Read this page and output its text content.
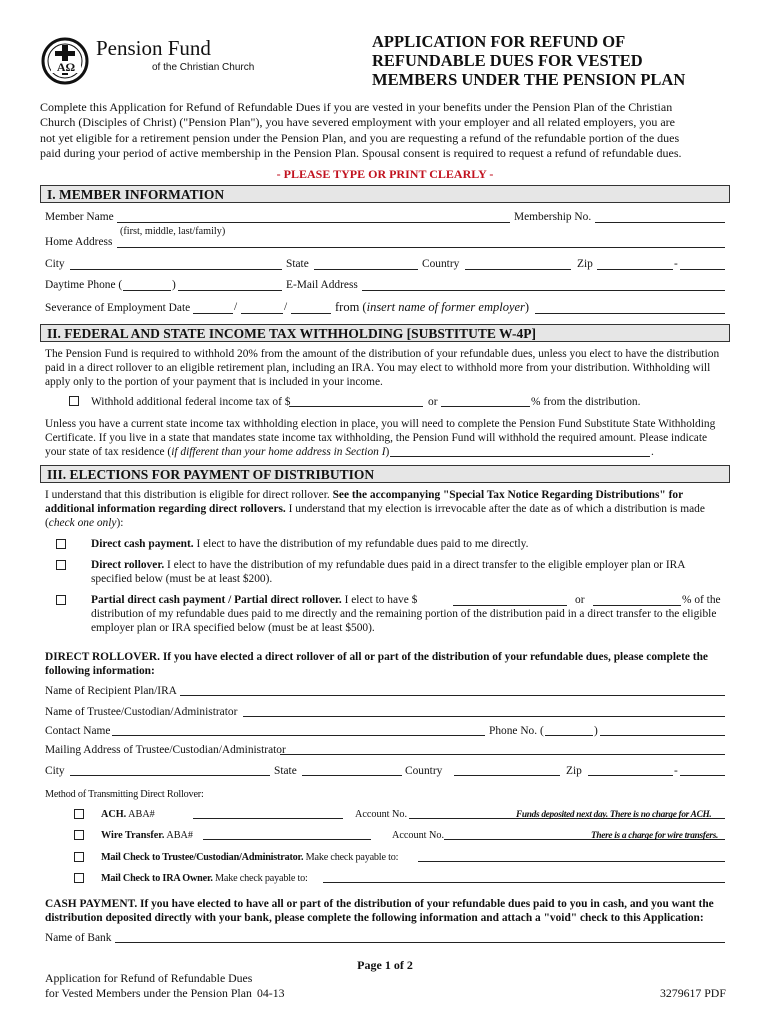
AΩ
Pension Fund
of the Christian Church
APPLICATION FOR REFUND OF
REFUNDABLE DUES FOR VESTED
MEMBERS UNDER THE PENSION PLAN
Complete this Application for Refund of Refundable Dues if you are vested in your benefits under the Pension Plan of the Christian
Church (Disciples of Christ) ("Pension Plan"), you have severed employment with your employer and all related employers, you are
not yet eligible for a retirement pension under the Pension Plan, and you are requesting a refund of the refundable portion of the dues
paid during your period of active membership in the Pension Plan. Spousal consent is required to request a refund of refundable dues.
- PLEASE TYPE OR PRINT CLEARLY -
I. MEMBER INFORMATION
Member Name	Membership No.
(first, middle, last/family)
Home Address
City	State	Country	Zip	-
Daytime Phone (	)	E-Mail Address
Severance of Employment Date	/	/	from (insert name of former employer)
II. FEDERAL AND STATE INCOME TAX WITHHOLDING [SUBSTITUTE W-4P]
The Pension Fund is required to withhold 20% from the amount of the distribution of your refundable dues, unless you elect to have the distribution
paid in a direct rollover to an eligible retirement plan, including an IRA. You may elect to withhold more from your distribution. Withholding will
apply only to the portion of your payment that is included in your income.
Withhold additional federal income tax of $	or	% from the distribution.
Unless you have a current state income tax withholding election in place, you will need to complete the Pension Fund Substitute State Withholding
Certificate. If you live in a state that mandates state income tax withholding, the Pension Fund will withhold the required amount. Please indicate
your state of tax residence (if different than your home address in Section I)	.
III. ELECTIONS FOR PAYMENT OF DISTRIBUTION
I understand that this distribution is eligible for direct rollover. See the accompanying "Special Tax Notice Regarding Distributions" for
additional information regarding direct rollovers. I understand that my election is irrevocable after the date as of which a distribution is made
(check one only):
Direct cash payment. I elect to have the distribution of my refundable dues paid to me directly.
Direct rollover. I elect to have the distribution of my refundable dues paid in a direct transfer to the eligible employer plan or IRA
specified below (must be at least $200).
Partial direct cash payment / Partial direct rollover. I elect to have $
distribution of my refundable dues paid to me directly and the remaining portion of the distribution paid in a direct transfer to the eligible
employer plan or IRA specified below (must be at least $500).
or	% of the
DIRECT ROLLOVER. If you have elected a direct rollover of all or part of the distribution of your refundable dues, please complete the
following information:
Name of Recipient Plan/IRA
Name of Trustee/Custodian/Administrator
Contact Name	Phone No. (	)
Mailing Address of Trustee/Custodian/Administrator
City	State	Country	Zip	-
Method of Transmitting Direct Rollover:
ACH. ABA#	Account No.	Funds deposited next day. There is no charge for ACH.
Wire Transfer. ABA#	Account No.	There is a charge for wire transfers.
Mail Check to Trustee/Custodian/Administrator. Make check payable to:
Mail Check to IRA Owner. Make check payable to:
CASH PAYMENT. If you have elected to have all or part of the distribution of your refundable dues paid to you in cash, and you want the
distribution deposited directly with your bank, please complete the following information and attach a "void" check to this Application:
Name of Bank
Page 1 of 2
Application for Refund of Refundable Dues
for Vested Members under the Pension Plan 04-13	3279617 PDF
